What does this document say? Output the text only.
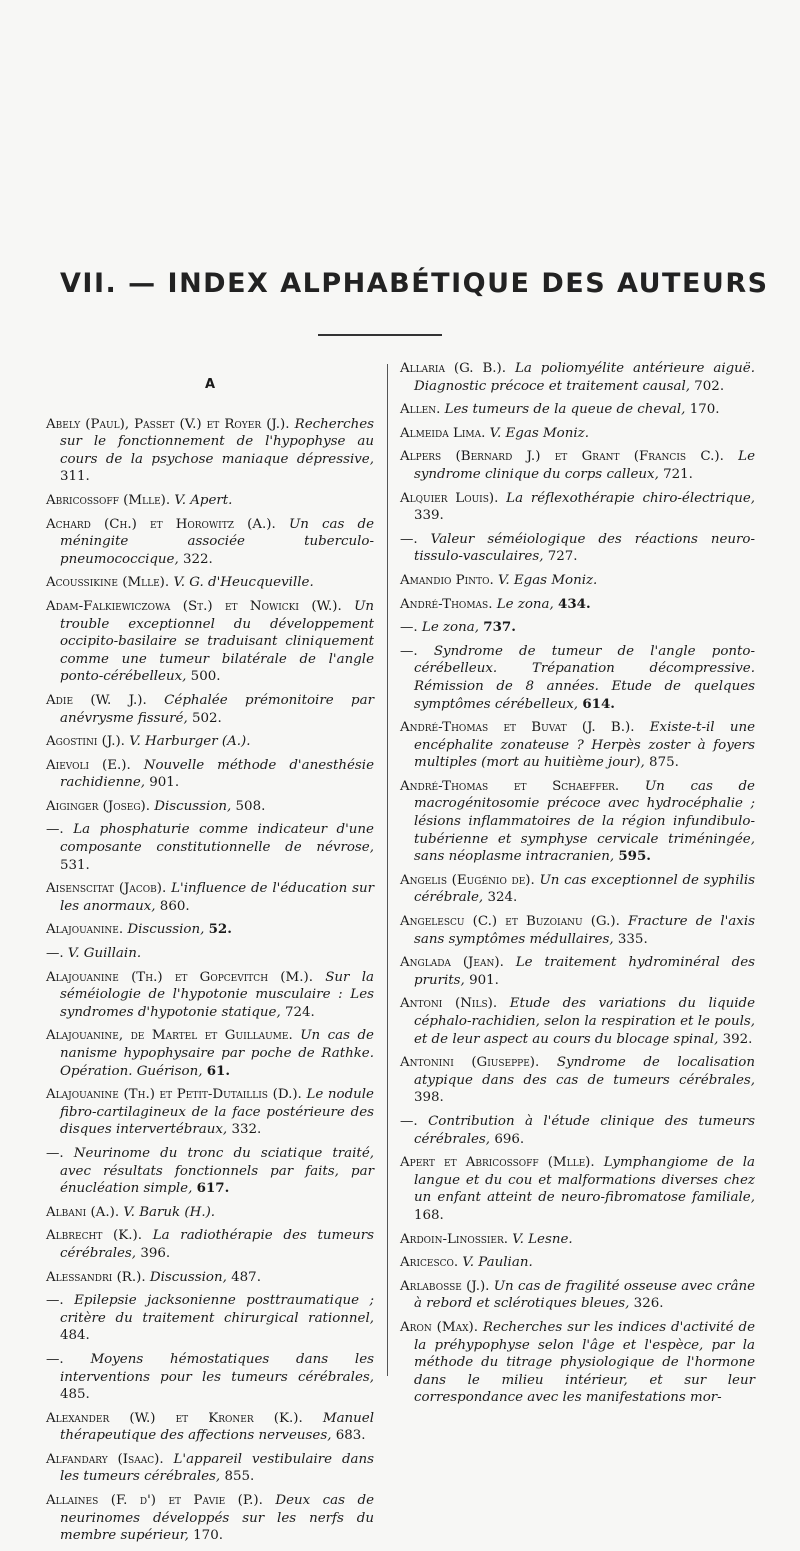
VII. — INDEX ALPHABÉTIQUE DES AUTEURS
A
Abely (Paul), Passet (V.) et Royer (J.). Recherches sur le fonctionnement de l'hypophyse au cours de la psychose maniaque dépressive, 311.
Abricossoff (Mlle). V. Apert.
Achard (Ch.) et Horowitz (A.). Un cas de méningite associée tuberculo-pneumococcique, 322.
Acoussikine (Mlle). V. G. d'Heucqueville.
Adam-Falkiewiczowa (St.) et Nowicki (W.). Un trouble exceptionnel du développement occipito-basilaire se traduisant cliniquement comme une tumeur bilatérale de l'angle ponto-cérébelleux, 500.
Adie (W. J.). Céphalée prémonitoire par anévrysme fissuré, 502.
Agostini (J.). V. Harburger (A.).
Aievoli (E.). Nouvelle méthode d'anesthésie rachidienne, 901.
Aiginger (Joseg). Discussion, 508.
—. La phosphaturie comme indicateur d'une composante constitutionnelle de névrose, 531.
Aisenscitat (Jacob). L'influence de l'éducation sur les anormaux, 860.
Alajouanine. Discussion, 52.
—. V. Guillain.
Alajouanine (Th.) et Gopcevitch (M.). Sur la séméiologie de l'hypotonie musculaire : Les syndromes d'hypotonie statique, 724.
Alajouanine, de Martel et Guillaume. Un cas de nanisme hypophysaire par poche de Rathke. Opération. Guérison, 61.
Alajouanine (Th.) et Petit-Dutaillis (D.). Le nodule fibro-cartilagineux de la face postérieure des disques intervertébraux, 332.
—. Neurinome du tronc du sciatique traité, avec résultats fonctionnels par faits, par énucléation simple, 617.
Albani (A.). V. Baruk (H.).
Albrecht (K.). La radiothérapie des tumeurs cérébrales, 396.
Alessandri (R.). Discussion, 487.
—. Epilepsie jacksonienne posttraumatique ; critère du traitement chirurgical rationnel, 484.
—. Moyens hémostatiques dans les interventions pour les tumeurs cérébrales, 485.
Alexander (W.) et Kroner (K.). Manuel thérapeutique des affections nerveuses, 683.
Alfandary (Isaac). L'appareil vestibulaire dans les tumeurs cérébrales, 855.
Allaines (F. d') et Pavie (P.). Deux cas de neurinomes développés sur les nerfs du membre supérieur, 170.
Allaria (G. B.). La poliomyélite antérieure aiguë. Diagnostic précoce et traitement causal, 702.
Allen. Les tumeurs de la queue de cheval, 170.
Almeida Lima. V. Egas Moniz.
Alpers (Bernard J.) et Grant (Francis C.). Le syndrome clinique du corps calleux, 721.
Alquier Louis). La réflexothérapie chiro-électrique, 339.
—. Valeur séméiologique des réactions neuro-tissulo-vasculaires, 727.
Amandio Pinto. V. Egas Moniz.
André-Thomas. Le zona, 434.
—. Le zona, 737.
—. Syndrome de tumeur de l'angle ponto-cérébelleux. Trépanation décompressive. Rémission de 8 années. Etude de quelques symptômes cérébelleux, 614.
André-Thomas et Buvat (J. B.). Existe-t-il une encéphalite zonateuse ? Herpès zoster à foyers multiples (mort au huitième jour), 875.
André-Thomas et Schaeffer. Un cas de macrogénitosomie précoce avec hydrocéphalie ; lésions inflammatoires de la région infundibulo-tubérienne et symphyse cervicale triméningée, sans néoplasme intracranien, 595.
Angelis (Eugénio de). Un cas exceptionnel de syphilis cérébrale, 324.
Angelescu (C.) et Buzoianu (G.). Fracture de l'axis sans symptômes médullaires, 335.
Anglada (Jean). Le traitement hydrominéral des prurits, 901.
Antoni (Nils). Etude des variations du liquide céphalo-rachidien, selon la respiration et le pouls, et de leur aspect au cours du blocage spinal, 392.
Antonini (Giuseppe). Syndrome de localisation atypique dans des cas de tumeurs cérébrales, 398.
—. Contribution à l'étude clinique des tumeurs cérébrales, 696.
Apert et Abricossoff (Mlle). Lymphangiome de la langue et du cou et malformations diverses chez un enfant atteint de neuro-fibromatose familiale, 168.
Ardoin-Linossier. V. Lesne.
Aricesco. V. Paulian.
Arlabosse (J.). Un cas de fragilité osseuse avec crâne à rebord et sclérotiques bleues, 326.
Aron (Max). Recherches sur les indices d'activité de la préhypophyse selon l'âge et l'espèce, par la méthode du titrage physiologique de l'hormone dans le milieu intérieur, et sur leur correspondance avec les manifestations mor-
